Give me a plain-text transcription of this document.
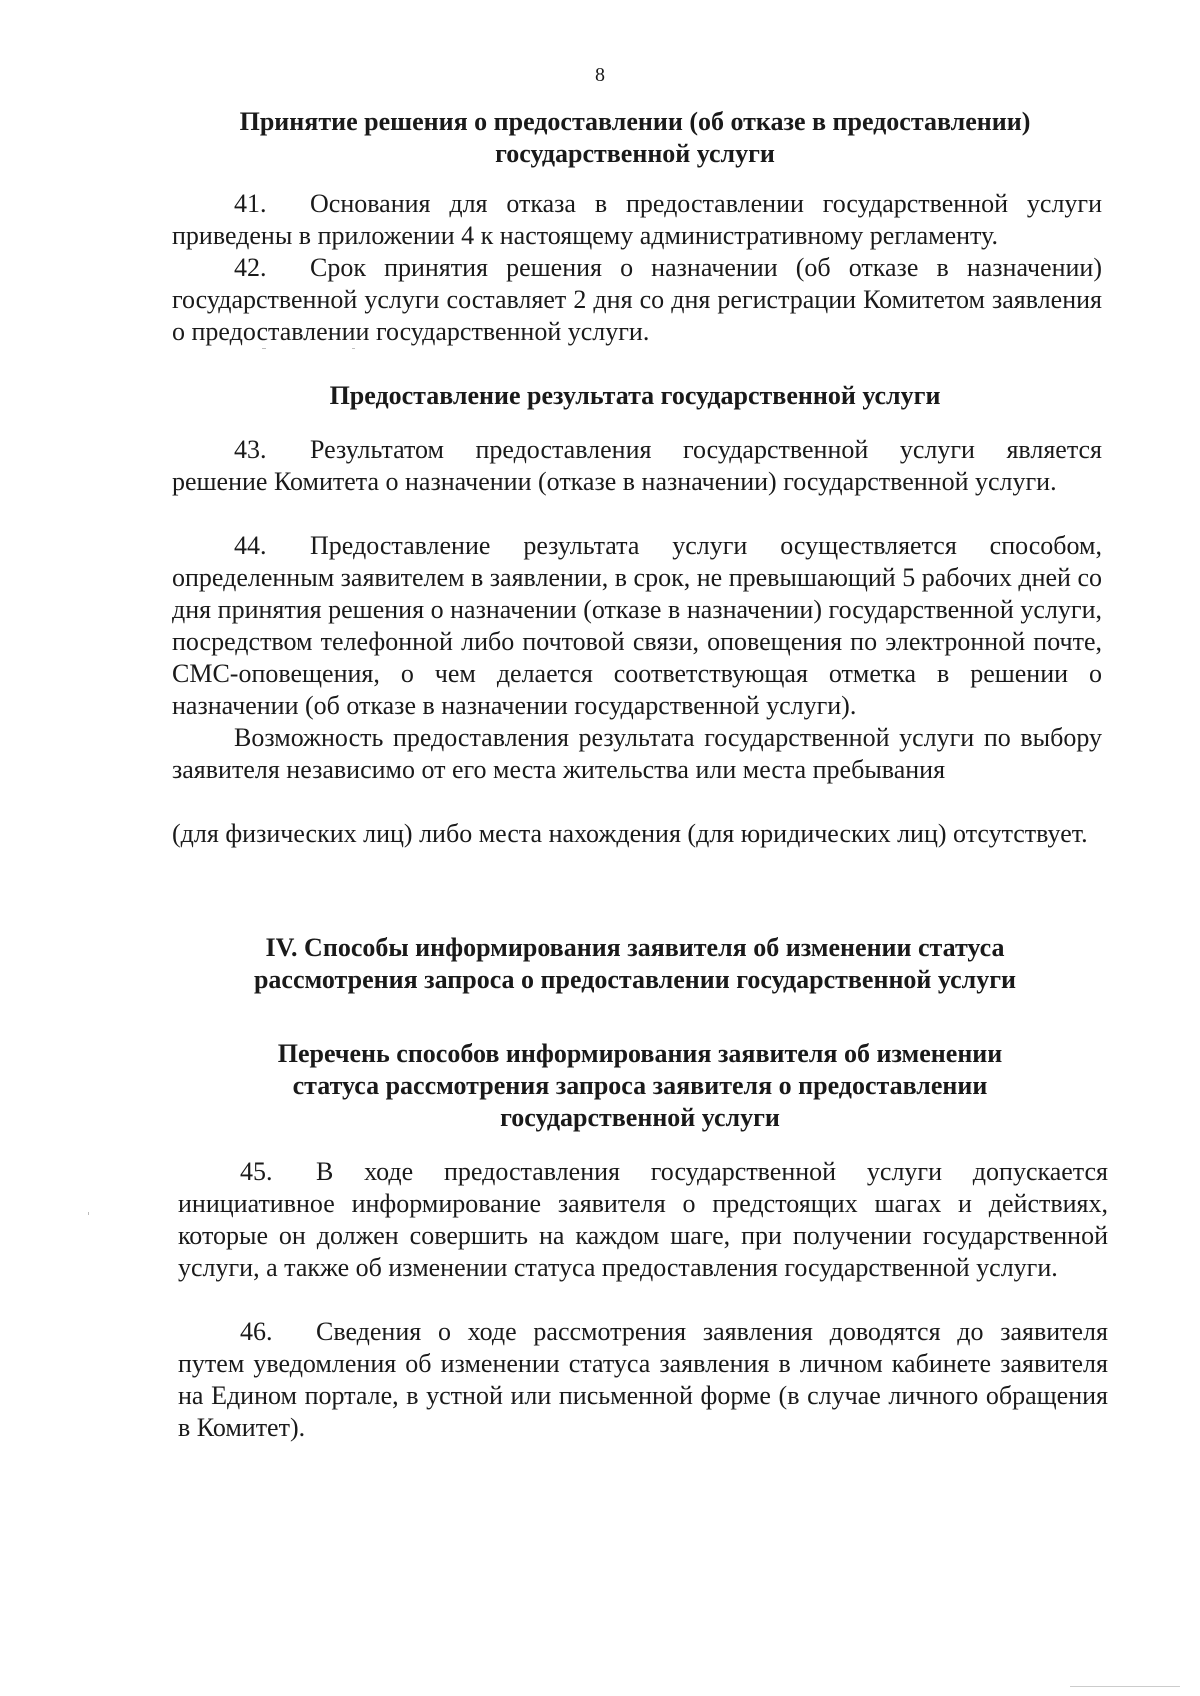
8
Принятие решения о предоставлении (об отказе в предоставлении) государственной услуги
41. Основания для отказа в предоставлении государственной услуги приведены в приложении 4 к настоящему административному регламенту.
42. Срок принятия решения о назначении (об отказе в назначении) государственной услуги составляет 2 дня со дня регистрации Комитетом заявления о предоставлении государственной услуги.
Предоставление результата государственной услуги
43. Результатом предоставления государственной услуги является решение Комитета о назначении (отказе в назначении) государственной услуги.
44. Предоставление результата услуги осуществляется способом, определенным заявителем в заявлении, в срок, не превышающий 5 рабочих дней со дня принятия решения о назначении (отказе в назначении) государственной услуги, посредством телефонной либо почтовой связи, оповещения по электронной почте, СМС-оповещения, о чем делается соответствующая отметка в решении о назначении (об отказе в назначении государственной услуги).
Возможность предоставления результата государственной услуги по выбору заявителя независимо от его места жительства или места пребывания
(для физических лиц) либо места нахождения (для юридических лиц) отсутствует.
IV. Способы информирования заявителя об изменении статуса рассмотрения запроса о предоставлении государственной услуги
Перечень способов информирования заявителя об изменении статуса рассмотрения запроса заявителя о предоставлении государственной услуги
45. В ходе предоставления государственной услуги допускается инициативное информирование заявителя о предстоящих шагах и действиях, которые он должен совершить на каждом шаге, при получении государственной услуги, а также об изменении статуса предоставления государственной услуги.
46. Сведения о ходе рассмотрения заявления доводятся до заявителя путем уведомления об изменении статуса заявления в личном кабинете заявителя на Едином портале, в устной или письменной форме (в случае личного обращения в Комитет).
